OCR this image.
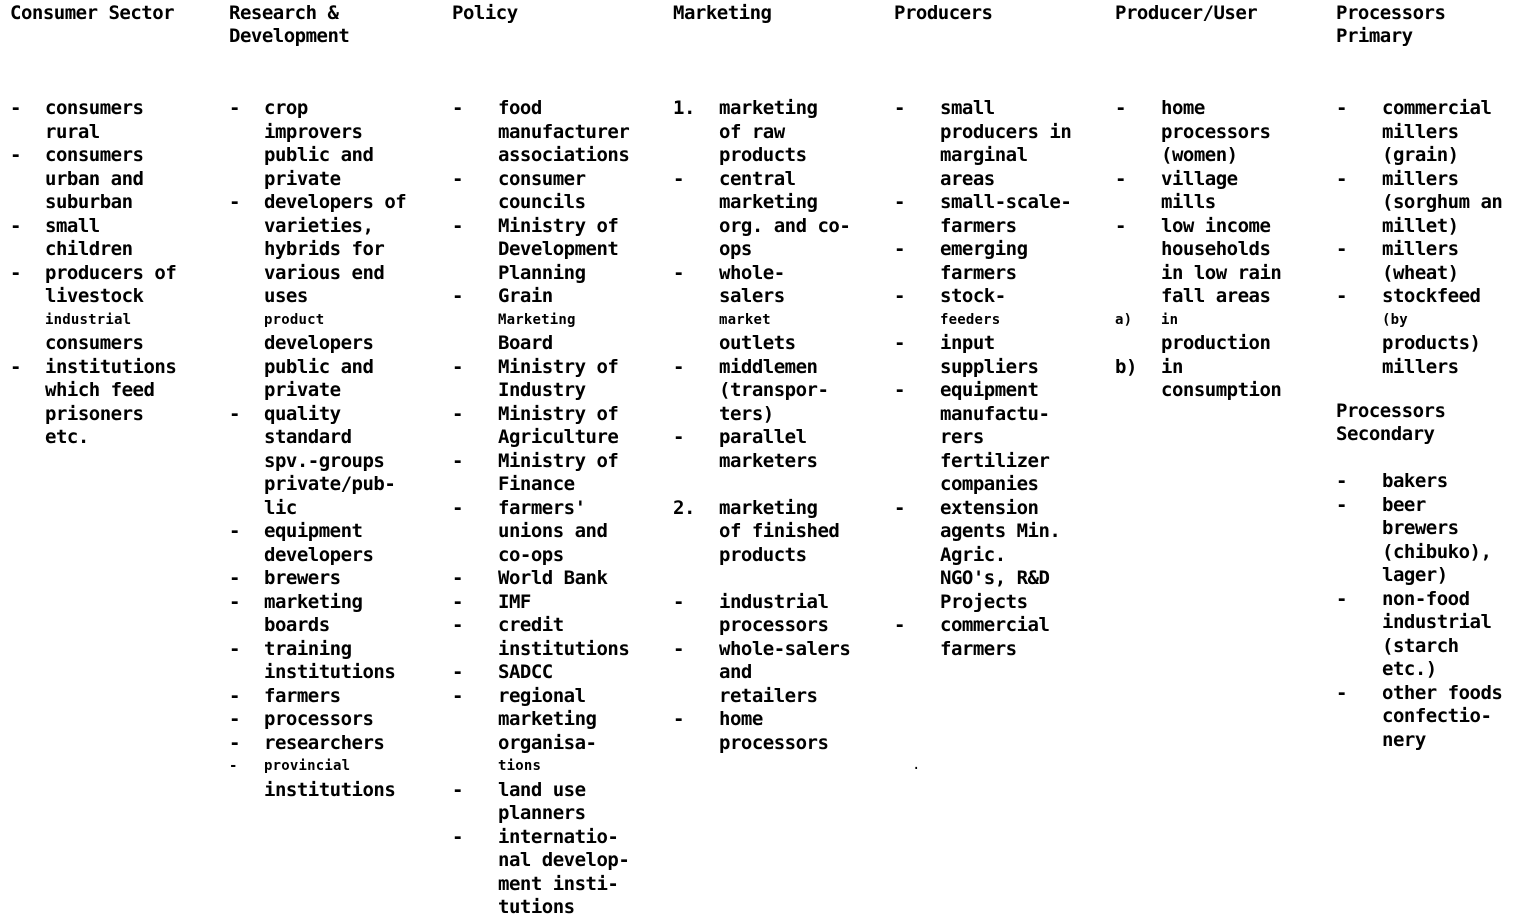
Consumer Sector
- consumers
rural
- consumers
urban and
suburban
- small
children
- producers of
livestock
industrial
consumers
- institutions
which feed
prisoners
etc.
Research &
Development
- crop
improvers
public and
private
- developers of
varieties,
hybrids for
various end
uses
product
developers
public and
private
- quality
standard
spv.-groups
private/pub-
lic
- equipment
developers
- brewers
- marketing
boards
- training
institutions
- farmers
- processors
- researchers
- provincial
institutions
Policy
- food
manufacturer
associations
- consumer
councils
- Ministry of
Development
Planning
- Grain
Marketing
Board
- Ministry of
Industry
- Ministry of
Agriculture
- Ministry of
Finance
- farmers'
unions and
co-ops
- World Bank
- IMF
- credit
institutions
- SADCC
- regional
marketing
organisa-
tions
- land use
planners
- internatio-
nal develop-
ment insti-
tutions
Marketing
1. marketing
of raw
products
- central
marketing
org. and co-
ops
- whole-
salers
market
outlets
- middlemen
(transpor-
ters)
- parallel
marketers
2. marketing
of finished
products
- industrial
processors
- whole-salers
and
retailers
- home
processors
Producers
- small
producers in
marginal
areas
- small-scale-
farmers
- emerging
farmers
- stock-
feeders
- input
suppliers
- equipment
manufactu-
rers
fertilizer
companies
- extension
agents Min.
Agric.
NGO's, R&D
Projects
- commercial
farmers
Producer/User
- home
processors
(women)
- village
mills
- low income
households
in low rain
fall areas
a) in
production
b) in
consumption
Processors
Primary
- commercial
millers
(grain)
- millers
(sorghum an
millet)
- millers
(wheat)
- stockfeed
(by
products)
millers
Processors
Secondary
- bakers
- beer
brewers
(chibuko),
lager)
- non-food
industrial
(starch
etc.)
- other foods
confectio-
nery
·
